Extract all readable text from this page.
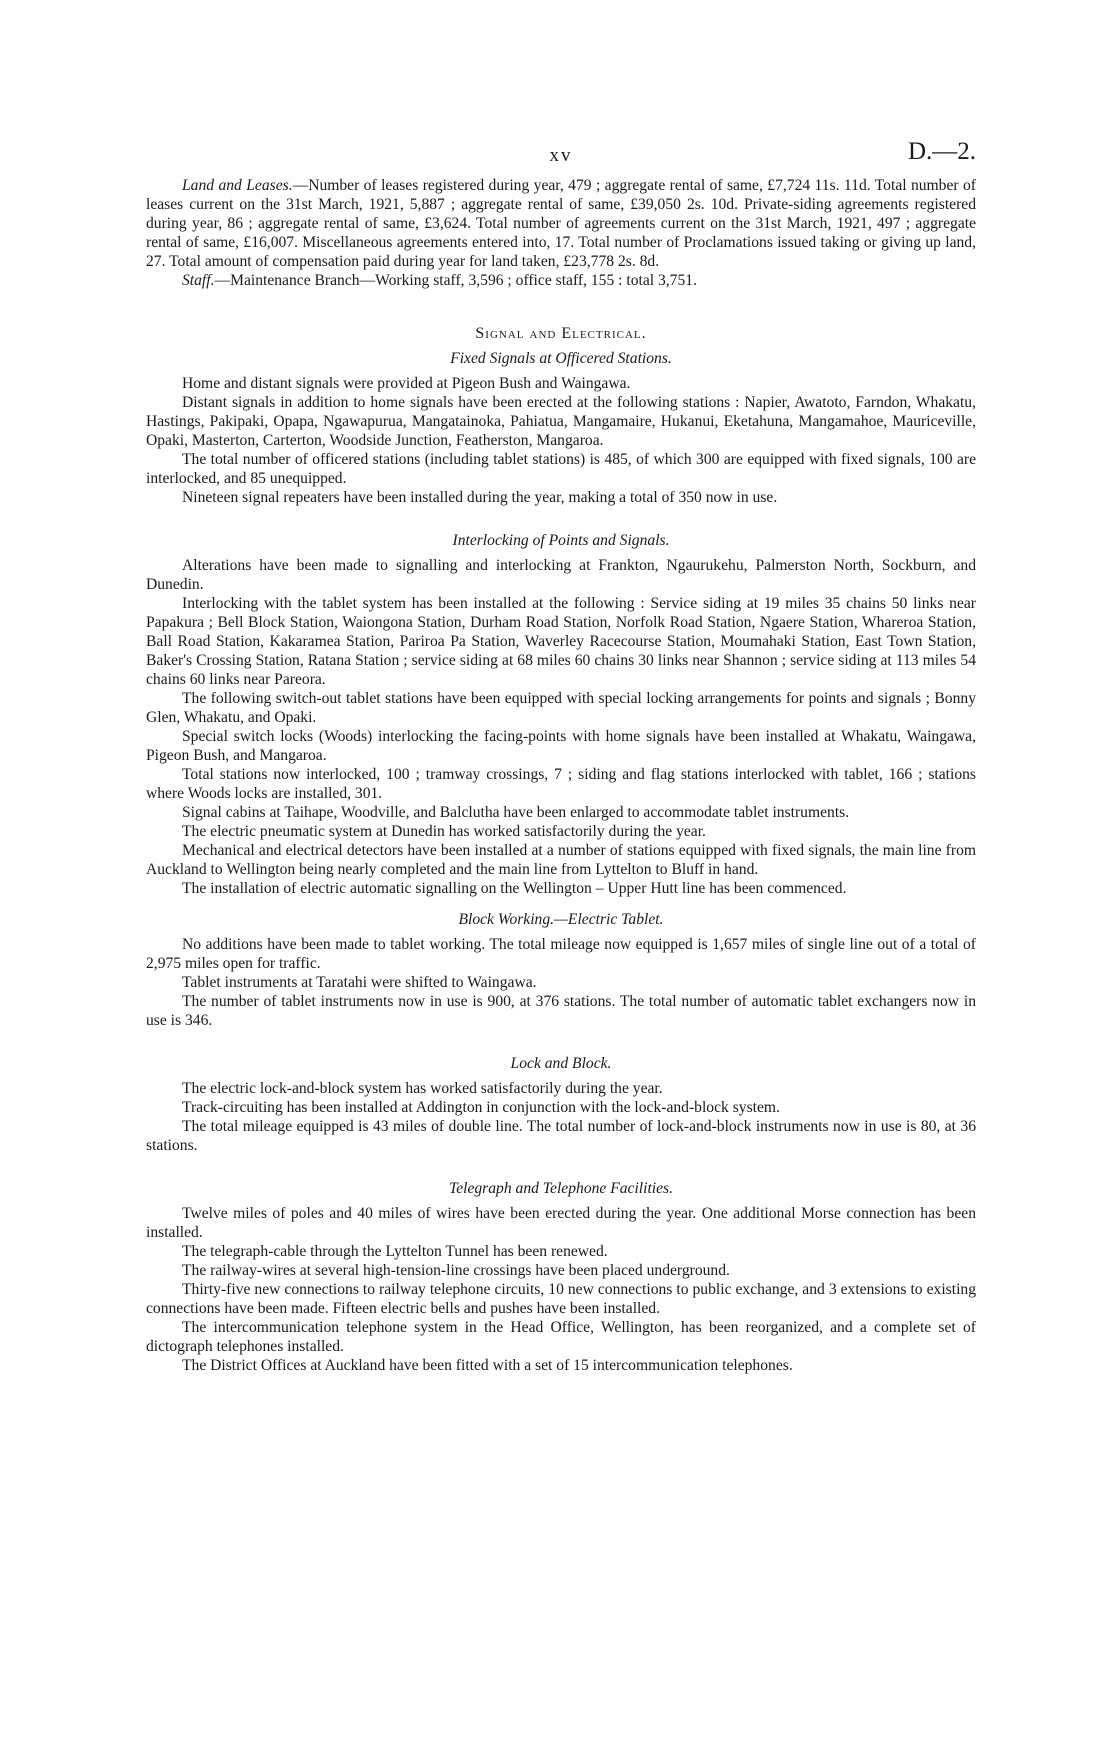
xv	D.—2.

Land and Leases.—Number of leases registered during year, 479 ; aggregate rental of same, £7,724 11s. 11d. Total number of leases current on the 31st March, 1921, 5,887 ; aggregate rental of same, £39,050 2s. 10d. Private-siding agreements registered during year, 86 ; aggregate rental of same, £3,624. Total number of agreements current on the 31st March, 1921, 497 ; aggregate rental of same, £16,007. Miscellaneous agreements entered into, 17. Total number of Proclamations issued taking or giving up land, 27. Total amount of compensation paid during year for land taken, £23,778 2s. 8d.

Staff.—Maintenance Branch—Working staff, 3,596 ; office staff, 155 : total 3,751.

Signal and Electrical.
Fixed Signals at Officered Stations.

Home and distant signals were provided at Pigeon Bush and Waingawa.

Distant signals in addition to home signals have been erected at the following stations : Napier, Awatoto, Farndon, Whakatu, Hastings, Pakipaki, Opapa, Ngawapurua, Mangatainoka, Pahiatua, Mangamaire, Hukanui, Eketahuna, Mangamahoe, Mauriceville, Opaki, Masterton, Carterton, Woodside Junction, Featherston, Mangaroa.

The total number of officered stations (including tablet stations) is 485, of which 300 are equipped with fixed signals, 100 are interlocked, and 85 unequipped.

Nineteen signal repeaters have been installed during the year, making a total of 350 now in use.

Interlocking of Points and Signals.

Alterations have been made to signalling and interlocking at Frankton, Ngaurukehu, Palmerston North, Sockburn, and Dunedin.

Interlocking with the tablet system has been installed at the following : Service siding at 19 miles 35 chains 50 links near Papakura ; Bell Block Station, Waiongona Station, Durham Road Station, Norfolk Road Station, Ngaere Station, Whareroa Station, Ball Road Station, Kakaramea Station, Pariroa Pa Station, Waverley Racecourse Station, Moumahaki Station, East Town Station, Baker's Crossing Station, Ratana Station ; service siding at 68 miles 60 chains 30 links near Shannon ; service siding at 113 miles 54 chains 60 links near Pareora.

The following switch-out tablet stations have been equipped with special locking arrangements for points and signals ; Bonny Glen, Whakatu, and Opaki.

Special switch locks (Woods) interlocking the facing-points with home signals have been installed at Whakatu, Waingawa, Pigeon Bush, and Mangaroa.

Total stations now interlocked, 100 ; tramway crossings, 7 ; siding and flag stations interlocked with tablet, 166 ; stations where Woods locks are installed, 301.

Signal cabins at Taihape, Woodville, and Balclutha have been enlarged to accommodate tablet instruments.

The electric pneumatic system at Dunedin has worked satisfactorily during the year.

Mechanical and electrical detectors have been installed at a number of stations equipped with fixed signals, the main line from Auckland to Wellington being nearly completed and the main line from Lyttelton to Bluff in hand.

The installation of electric automatic signalling on the Wellington – Upper Hutt line has been commenced.

Block Working.—Electric Tablet.

No additions have been made to tablet working. The total mileage now equipped is 1,657 miles of single line out of a total of 2,975 miles open for traffic.

Tablet instruments at Taratahi were shifted to Waingawa.

The number of tablet instruments now in use is 900, at 376 stations. The total number of automatic tablet exchangers now in use is 346.

Lock and Block.

The electric lock-and-block system has worked satisfactorily during the year.

Track-circuiting has been installed at Addington in conjunction with the lock-and-block system.

The total mileage equipped is 43 miles of double line. The total number of lock-and-block instruments now in use is 80, at 36 stations.

Telegraph and Telephone Facilities.

Twelve miles of poles and 40 miles of wires have been erected during the year. One additional Morse connection has been installed.

The telegraph-cable through the Lyttelton Tunnel has been renewed.

The railway-wires at several high-tension-line crossings have been placed underground.

Thirty-five new connections to railway telephone circuits, 10 new connections to public exchange, and 3 extensions to existing connections have been made. Fifteen electric bells and pushes have been installed.

The intercommunication telephone system in the Head Office, Wellington, has been reorganized, and a complete set of dictograph telephones installed.

The District Offices at Auckland have been fitted with a set of 15 intercommunication telephones.
